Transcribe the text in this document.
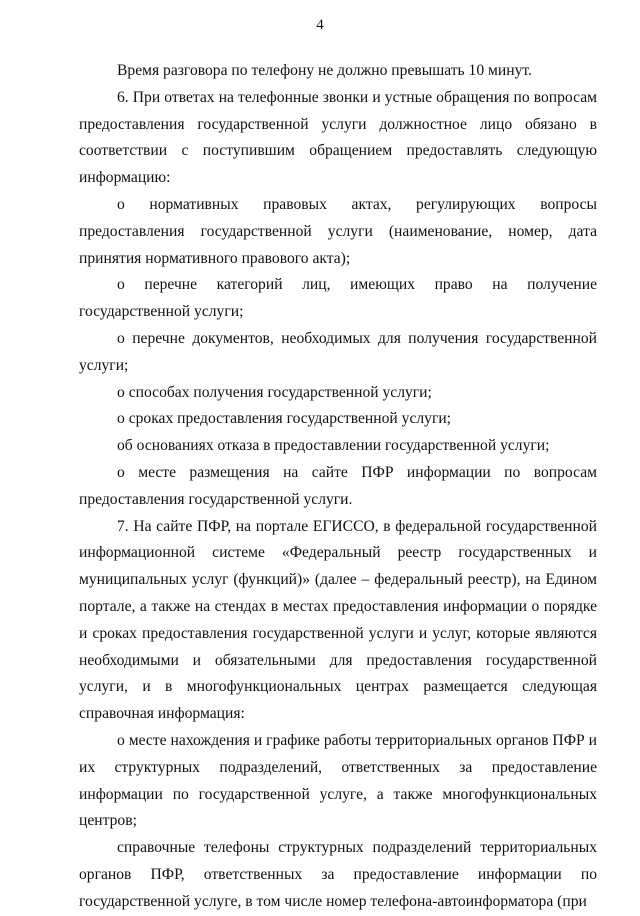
4

Время разговора по телефону не должно превышать 10 минут.

6. При ответах на телефонные звонки и устные обращения по вопросам предоставления государственной услуги должностное лицо обязано в соответствии с поступившим обращением предоставлять следующую информацию:

о нормативных правовых актах, регулирующих вопросы предоставления государственной услуги (наименование, номер, дата принятия нормативного правового акта);

о перечне категорий лиц, имеющих право на получение государственной услуги;

о перечне документов, необходимых для получения государственной услуги;

о способах получения государственной услуги;

о сроках предоставления государственной услуги;

об основаниях отказа в предоставлении государственной услуги;

о месте размещения на сайте ПФР информации по вопросам предоставления государственной услуги.

7. На сайте ПФР, на портале ЕГИССО, в федеральной государственной информационной системе «Федеральный реестр государственных и муниципальных услуг (функций)» (далее – федеральный реестр), на Едином портале, а также на стендах в местах предоставления информации о порядке и сроках предоставления государственной услуги и услуг, которые являются необходимыми и обязательными для предоставления государственной услуги, и в многофункциональных центрах размещается следующая справочная информация:

о месте нахождения и графике работы территориальных органов ПФР и их структурных подразделений, ответственных за предоставление информации по государственной услуге, а также многофункциональных центров;

справочные телефоны структурных подразделений территориальных органов ПФР, ответственных за предоставление информации по государственной услуге, в том числе номер телефона-автоинформатора (при
